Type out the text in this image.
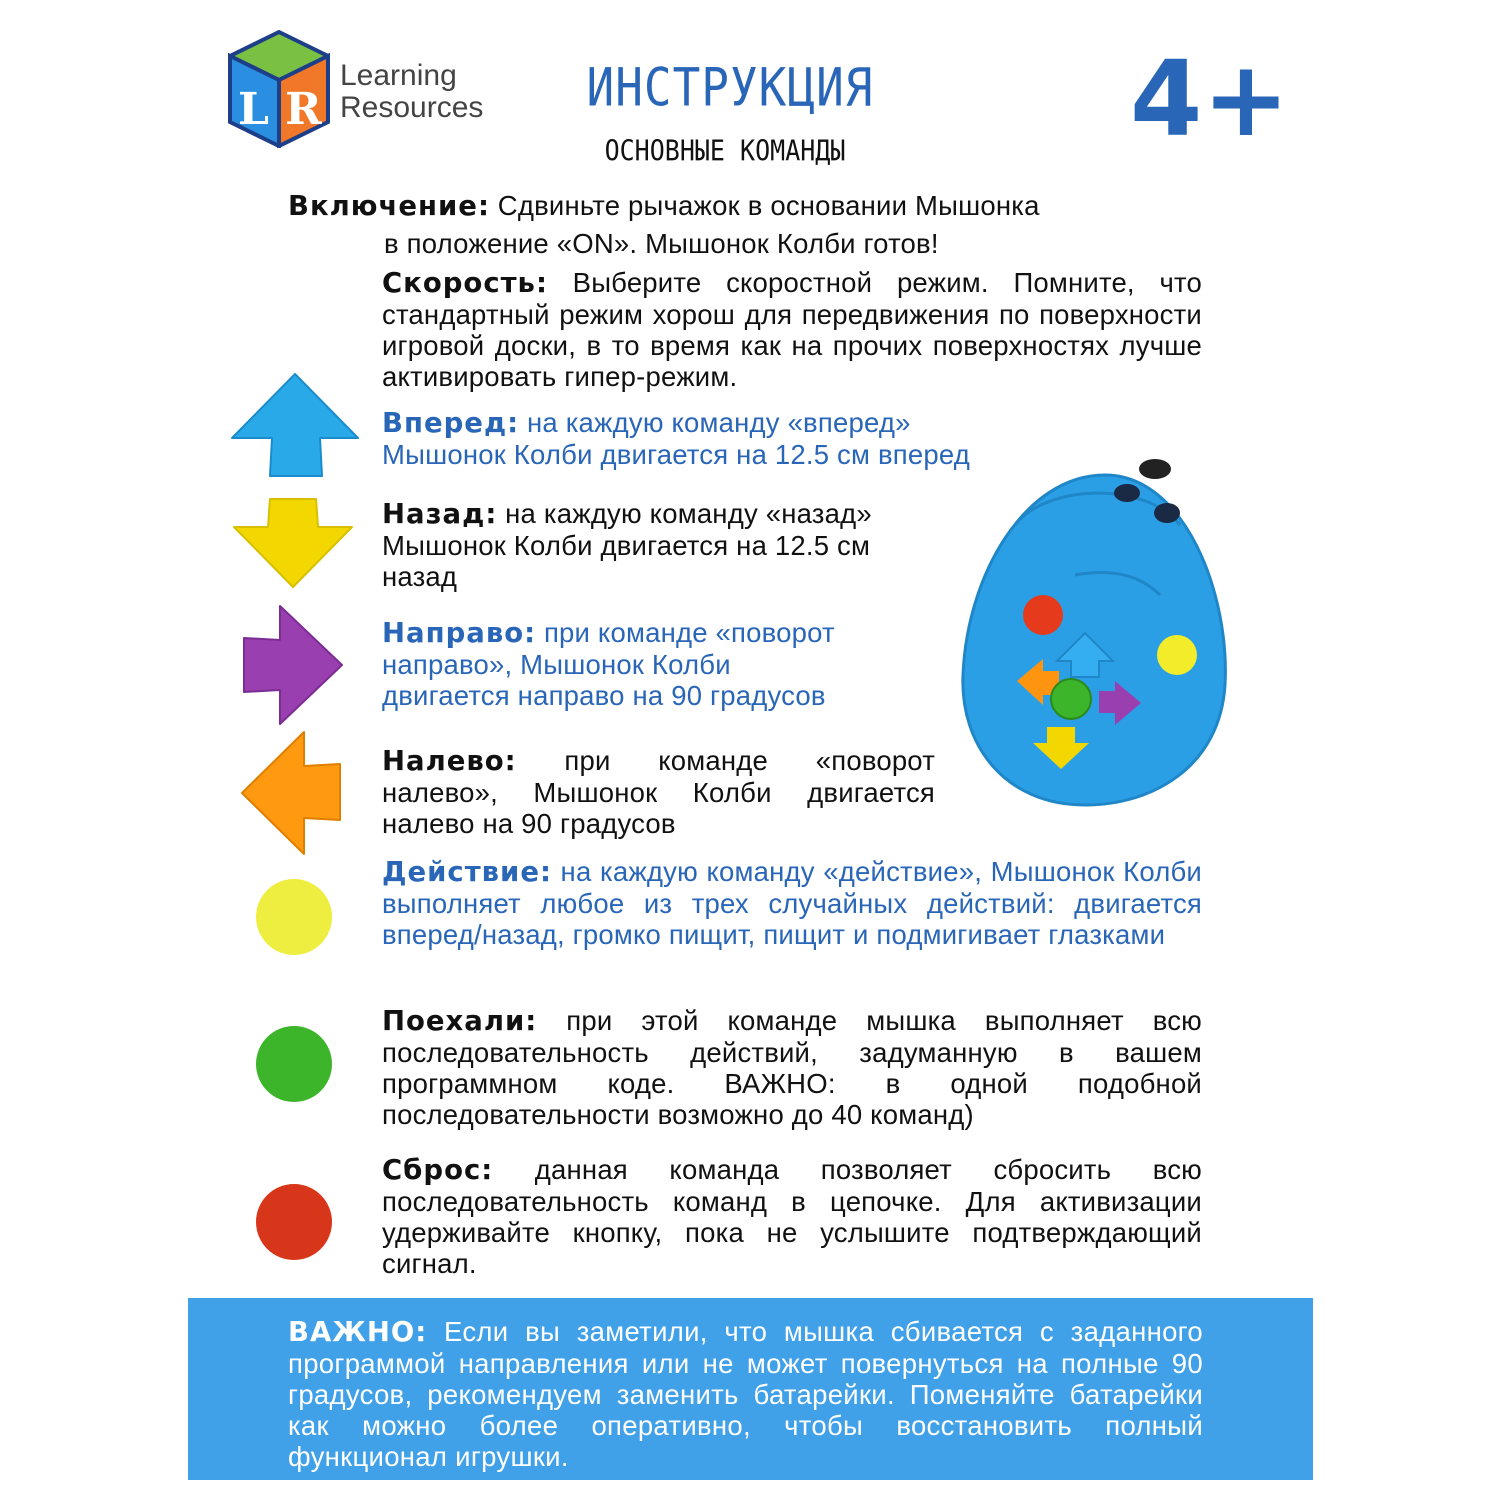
L R
Learning
Resources	ИНСТРУКЦИЯ
ОСНОВНЫЕ КОМАНДЫ	4+
Включение: Сдвиньте рычажок в основании Мышонка
в положение «ON». Мышонок Колби готов!
Скорость: Выберите скоростной режим. Помните, что стандартный режим хорош для передвижения по поверхности игровой доски, в то время как на прочих поверхностях лучше активировать гипер-режим.
Вперед: на каждую команду «вперед»
Мышонок Колби двигается на 12.5 см вперед
Назад: на каждую команду «назад»
Мышонок Колби двигается на 12.5 см
назад
Направо: при команде «поворот
направо», Мышонок Колби
двигается направо на 90 градусов
Налево: при команде «поворот налево», Мышонок Колби двигается налево на 90 градусов
Действие: на каждую команду «действие», Мышонок Колби выполняет любое из трех случайных действий: двигается вперед/назад, громко пищит, пищит и подмигивает глазками
Поехали: при этой команде мышка выполняет всю последовательность действий, задуманную в вашем программном коде. ВАЖНО: в одной подобной последовательности возможно до 40 команд)
Сброс: данная команда позволяет сбросить всю последовательность команд в цепочке. Для активизации удерживайте кнопку, пока не услышите подтверждающий сигнал.
ВАЖНО: Если вы заметили, что мышка сбивается с заданного программой направления или не может повернуться на полные 90 градусов, рекомендуем заменить батарейки. Поменяйте батарейки как можно более оперативно, чтобы восстановить полный функционал игрушки.
